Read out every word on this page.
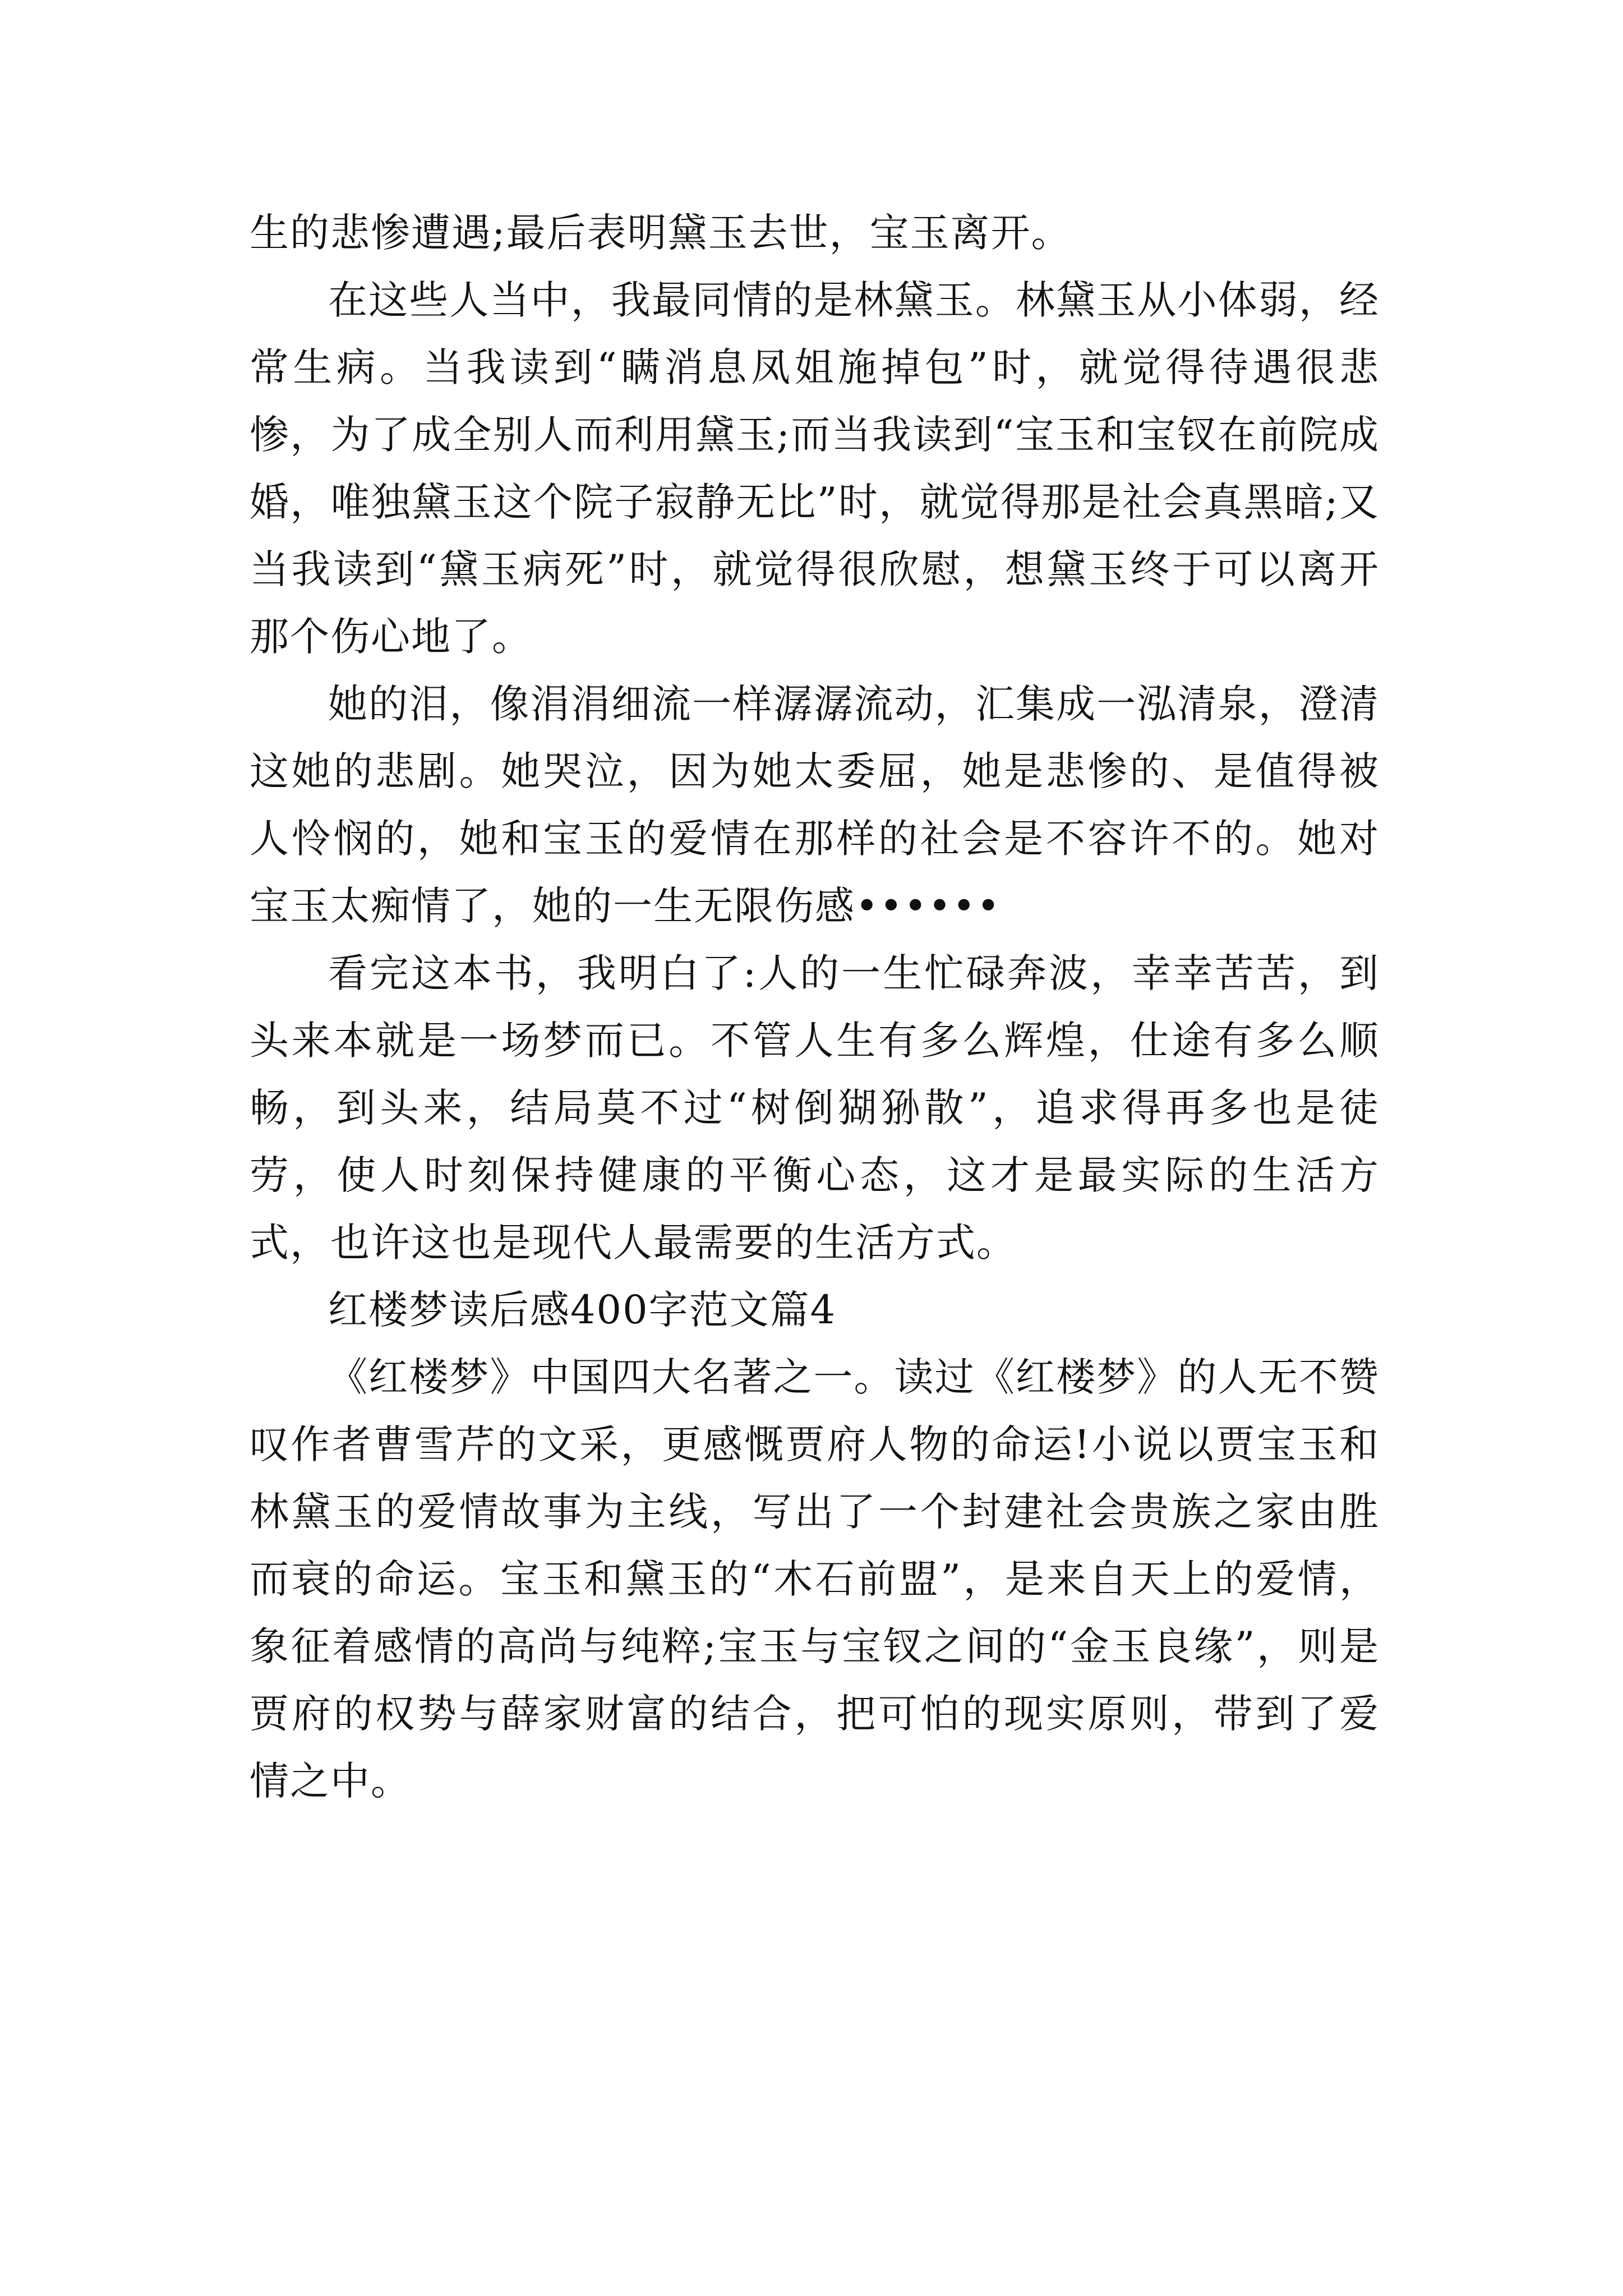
生的悲惨遭遇;最后表明黛玉去世，宝玉离开。

在这些人当中，我最同情的是林黛玉。林黛玉从小体弱，经常生病。当我读到“瞒消息凤姐施掉包”时，就觉得待遇很悲惨，为了成全别人而利用黛玉;而当我读到“宝玉和宝钗在前院成婚，唯独黛玉这个院子寂静无比”时，就觉得那是社会真黑暗;又当我读到“黛玉病死”时，就觉得很欣慰，想黛玉终于可以离开那个伤心地了。

她的泪，像涓涓细流一样潺潺流动，汇集成一泓清泉，澄清这她的悲剧。她哭泣，因为她太委屈，她是悲惨的、是值得被人怜悯的，她和宝玉的爱情在那样的社会是不容许不的。她对宝玉太痴情了，她的一生无限伤感••••••

看完这本书，我明白了:人的一生忙碌奔波，幸幸苦苦，到头来本就是一场梦而已。不管人生有多么辉煌，仕途有多么顺畅，到头来，结局莫不过“树倒猢狲散”，追求得再多也是徒劳，使人时刻保持健康的平衡心态，这才是最实际的生活方式，也许这也是现代人最需要的生活方式。

红楼梦读后感400字范文篇4

《红楼梦》中国四大名著之一。读过《红楼梦》的人无不赞叹作者曹雪芹的文采，更感慨贾府人物的命运!小说以贾宝玉和林黛玉的爱情故事为主线，写出了一个封建社会贵族之家由胜而衰的命运。宝玉和黛玉的“木石前盟”，是来自天上的爱情，象征着感情的高尚与纯粹;宝玉与宝钗之间的“金玉良缘”，则是贾府的权势与薛家财富的结合，把可怕的现实原则，带到了爱情之中。
